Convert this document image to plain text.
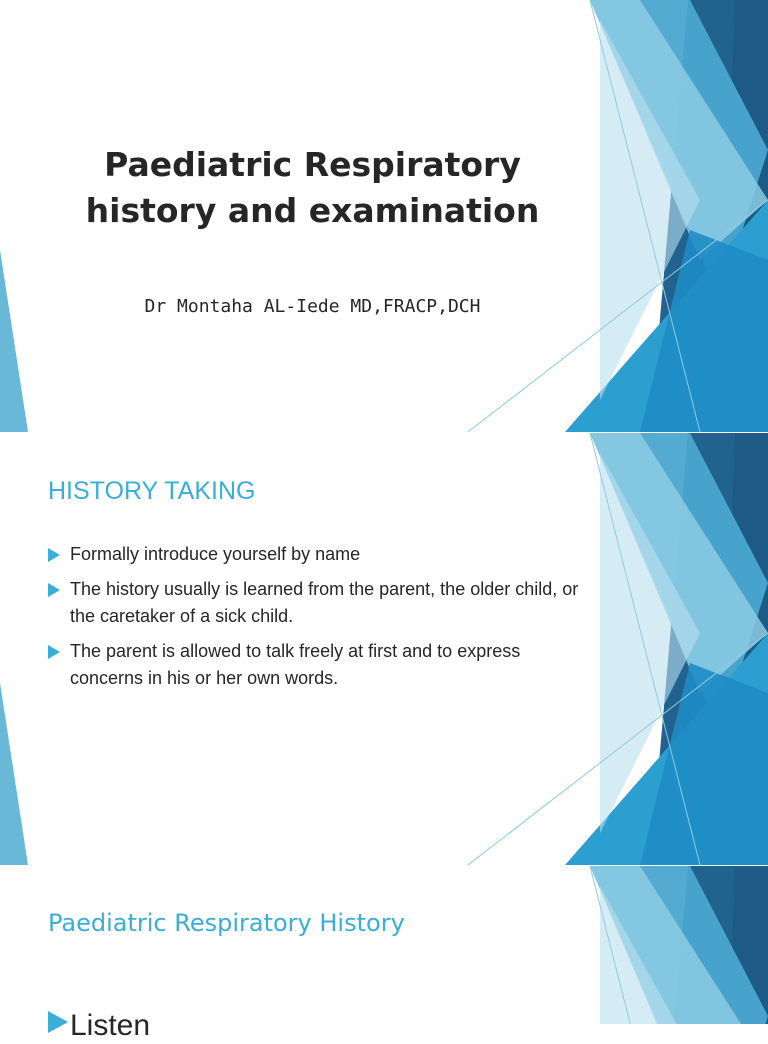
Paediatric Respiratory
history and examination

Dr Montaha AL-Iede MD,FRACP,DCH

HISTORY TAKING
Formally introduce yourself by name
The history usually is learned from the parent, the older child, or the caretaker of a sick child.
The parent is allowed to talk freely at first and to express concerns in his or her own words.
Paediatric Respiratory History

Listen
